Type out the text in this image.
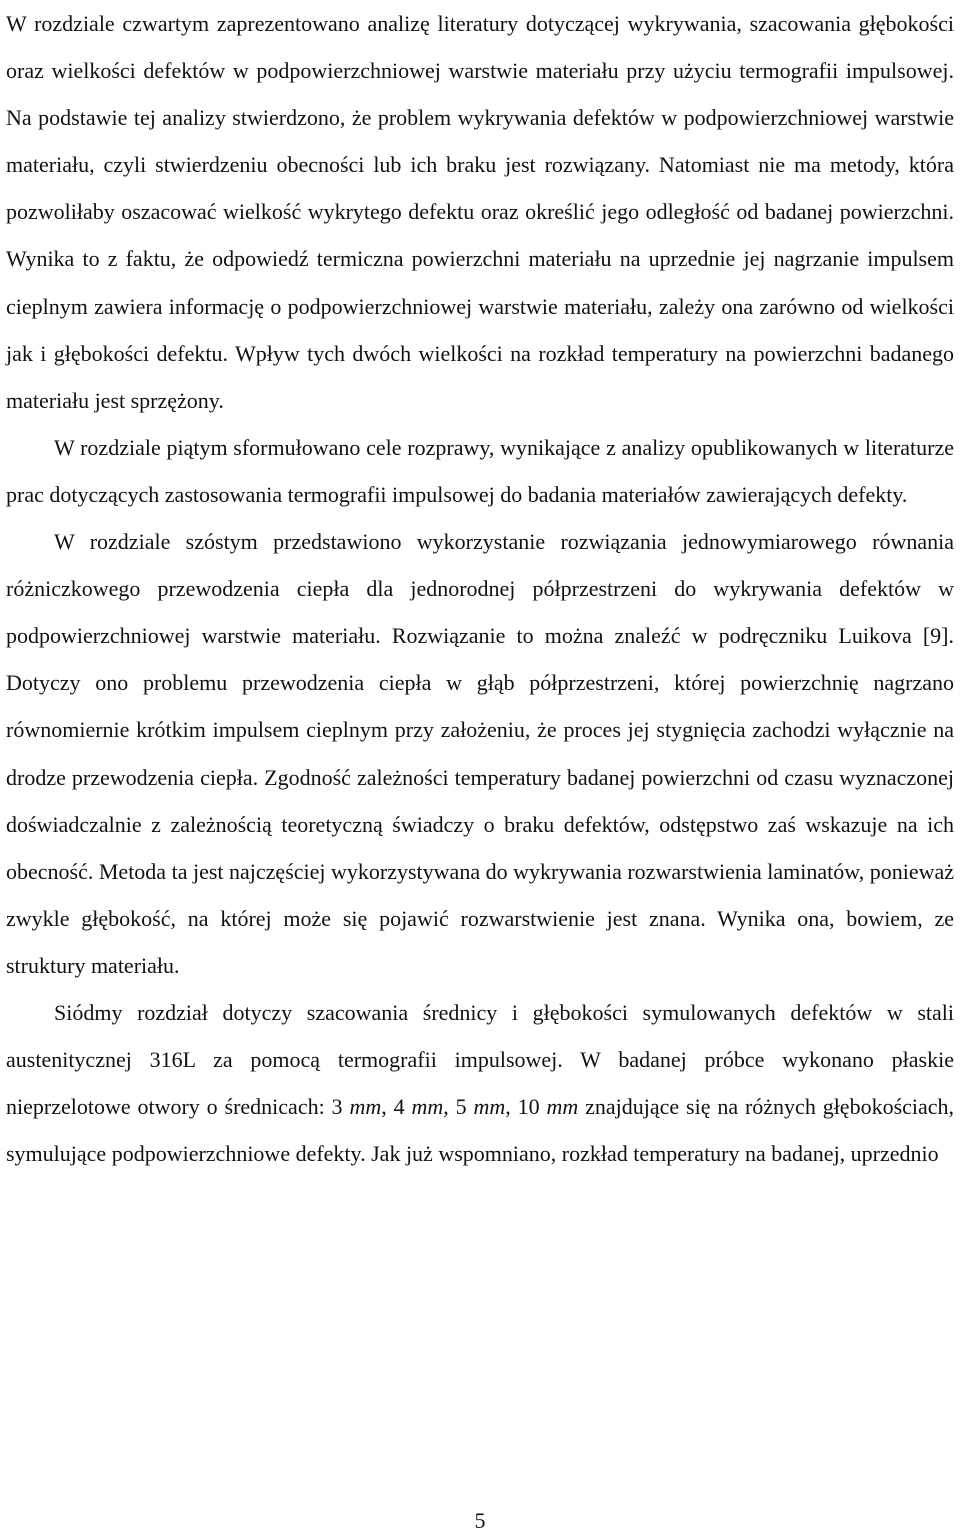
W rozdziale czwartym zaprezentowano analizę literatury dotyczącej wykrywania, szacowania głębokości oraz wielkości defektów w podpowierzchniowej warstwie materiału przy użyciu termografii impulsowej. Na podstawie tej analizy stwierdzono, że problem wykrywania defektów w podpowierzchniowej warstwie materiału, czyli stwierdzeniu obecności lub ich braku jest rozwiązany. Natomiast nie ma metody, która pozwoliłaby oszacować wielkość wykrytego defektu oraz określić jego odległość od badanej powierzchni. Wynika to z faktu, że odpowiedź termiczna powierzchni materiału na uprzednie jej nagrzanie impulsem cieplnym zawiera informację o podpowierzchniowej warstwie materiału, zależy ona zarówno od wielkości jak i głębokości defektu. Wpływ tych dwóch wielkości na rozkład temperatury na powierzchni badanego materiału jest sprzężony.

W rozdziale piątym sformułowano cele rozprawy, wynikające z analizy opublikowanych w literaturze prac dotyczących zastosowania termografii impulsowej do badania materiałów zawierających defekty.

W rozdziale szóstym przedstawiono wykorzystanie rozwiązania jednowymiarowego równania różniczkowego przewodzenia ciepła dla jednorodnej półprzestrzeni do wykrywania defektów w podpowierzchniowej warstwie materiału. Rozwiązanie to można znaleźć w podręczniku Luikova [9]. Dotyczy ono problemu przewodzenia ciepła w głąb półprzestrzeni, której powierzchnię nagrzano równomiernie krótkim impulsem cieplnym przy założeniu, że proces jej stygnięcia zachodzi wyłącznie na drodze przewodzenia ciepła. Zgodność zależności temperatury badanej powierzchni od czasu wyznaczonej doświadczalnie z zależnością teoretyczną świadczy o braku defektów, odstępstwo zaś wskazuje na ich obecność. Metoda ta jest najczęściej wykorzystywana do wykrywania rozwarstwienia laminatów, ponieważ zwykle głębokość, na której może się pojawić rozwarstwienie jest znana. Wynika ona, bowiem, ze struktury materiału.

Siódmy rozdział dotyczy szacowania średnicy i głębokości symulowanych defektów w stali austenitycznej 316L za pomocą termografii impulsowej. W badanej próbce wykonano płaskie nieprzelotowe otwory o średnicach: 3 mm, 4 mm, 5 mm, 10 mm znajdujące się na różnych głębokościach, symulujące podpowierzchniowe defekty. Jak już wspomniano, rozkład temperatury na badanej, uprzednio

5
